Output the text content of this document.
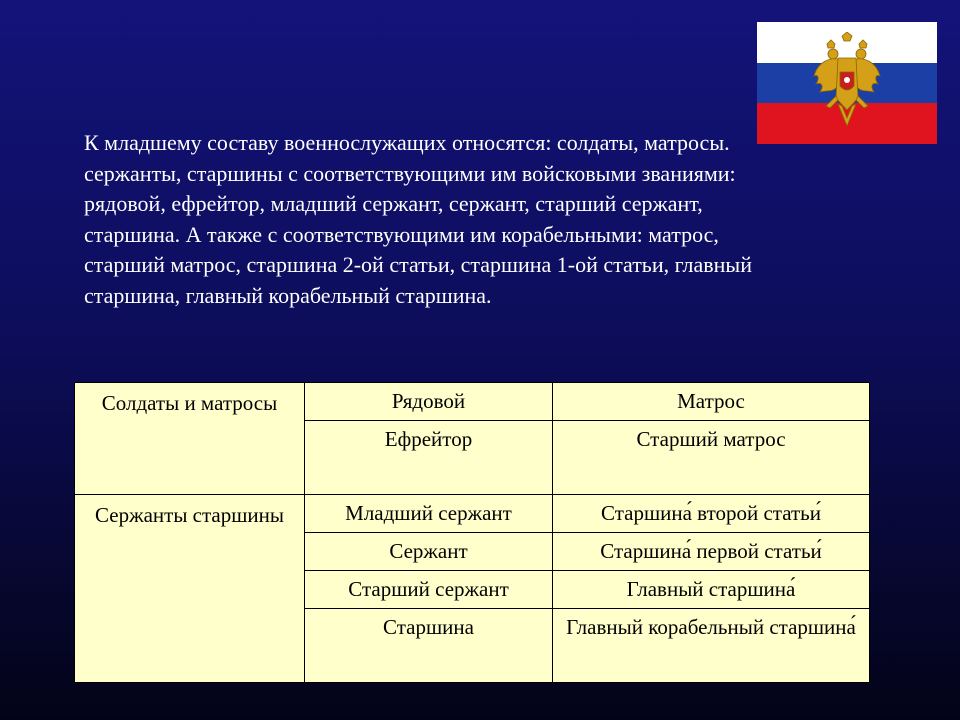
К младшему составу военнослужащих относятся: солдаты, матросы. сержанты, старшины с соответствующими им войсковыми званиями: рядовой, ефрейтор, младший сержант, сержант, старший сержант, старшина. А также с соответствующими им корабельными: матрос, старший матрос, старшина 2-ой статьи, старшина 1-ой статьи, главный старшина, главный корабельный старшина.

Солдаты и матросы	Рядовой	Матрос
	Ефрейтор	Старший матрос
Сержанты старшины	Младший сержант	Старшина́ второй статьи́
	Сержант	Старшина́ первой статьи́
	Старший сержант	Главный старшина́
	Старшина	Главный корабельный старшина́
